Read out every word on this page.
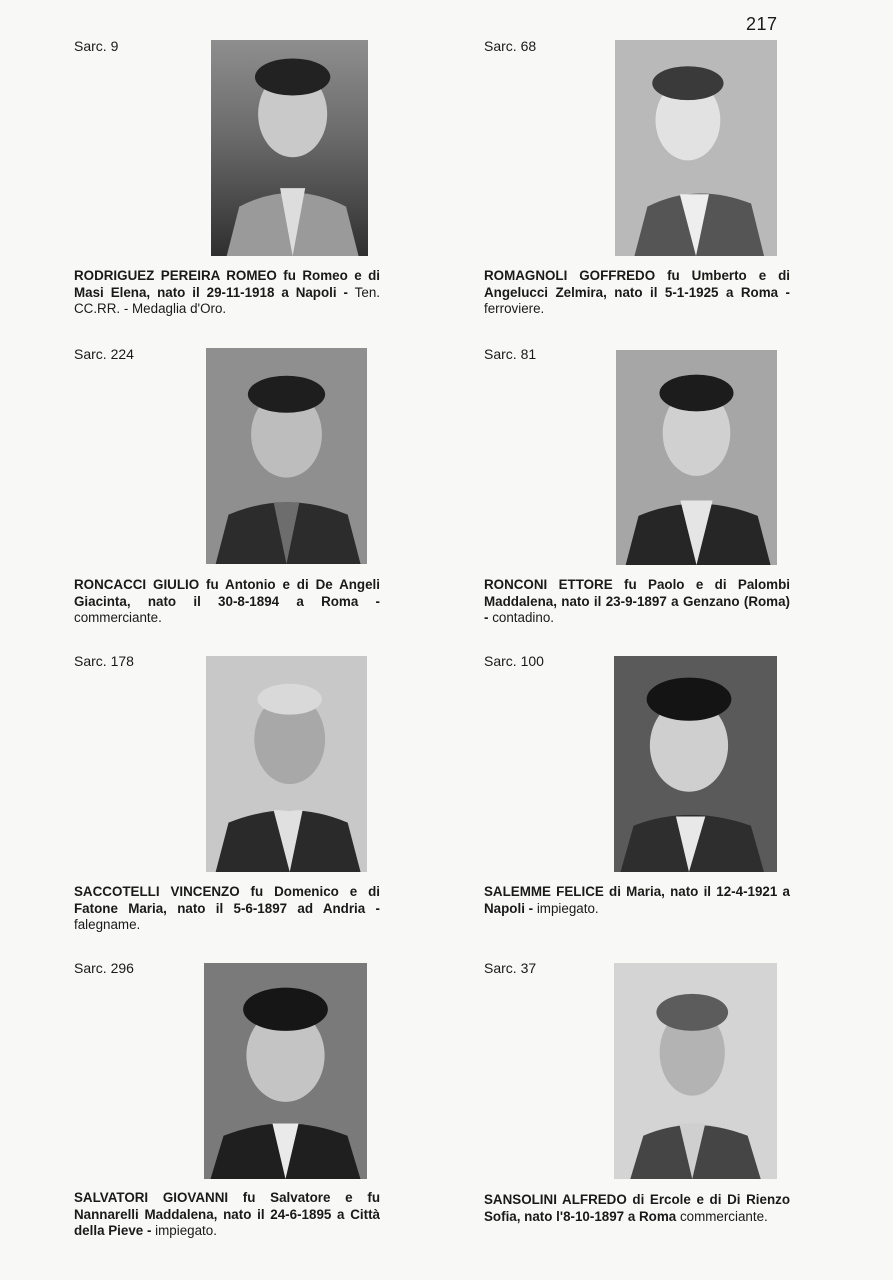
217
Sarc. 9
RODRIGUEZ PEREIRA ROMEO fu Romeo e di Masi Elena, nato il 29-11-1918 a Napoli - Ten. CC.RR. - Medaglia d'Oro.
Sarc. 68
ROMAGNOLI GOFFREDO fu Umberto e di Angelucci Zelmira, nato il 5-1-1925 a Roma - ferroviere.
Sarc. 224
RONCACCI GIULIO fu Antonio e di De Angeli Giacinta, nato il 30-8-1894 a Roma - commerciante.
Sarc. 81
RONCONI ETTORE fu Paolo e di Palombi Maddalena, nato il 23-9-1897 a Genzano (Roma) - contadino.
Sarc. 178
SACCOTELLI VINCENZO fu Domenico e di Fatone Maria, nato il 5-6-1897 ad Andria - falegname.
Sarc. 100
SALEMME FELICE di Maria, nato il 12-4-1921 a Napoli - impiegato.
Sarc. 296
SALVATORI GIOVANNI fu Salvatore e fu Nannarelli Maddalena, nato il 24-6-1895 a Città della Pieve - impiegato.
Sarc. 37
SANSOLINI ALFREDO di Ercole e di Di Rienzo Sofia, nato l'8-10-1897 a Roma commerciante.
